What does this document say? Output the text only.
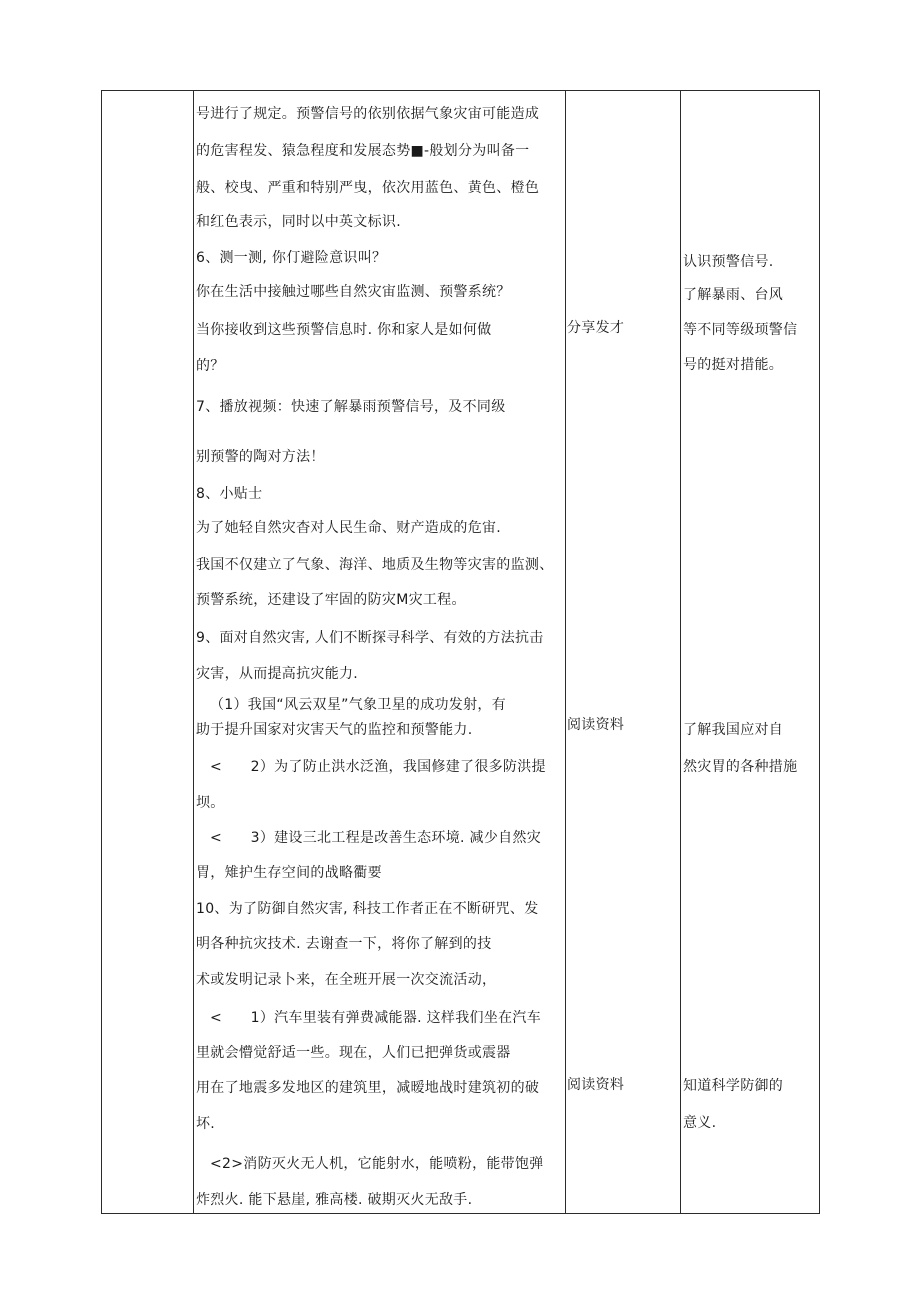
号进行了规定。预警信号的依别依据气象灾宙可能造成
的危害程发、猿急程度和发展态势■-般划分为叫备一
般、校曳、严重和特别严曳，依次用蓝色、黄色、橙色
和红色表示，同时以中英文标识.
6、测一测, 你仃避险意识叫？
你在生活中接触过哪些自然灾宙监测、预警系统？
当你接收到这些预警信息时. 你和家人是如何做
的？
7、播放视频：快速了解暴雨预警信号，及不同级
别预警的陶对方法！
8、小贴士
为了她轻自然灾杳对人民生命、财产造成的危宙.
我国不仅建立了气象、海洋、地质及生物等灾害的监测、
预警系统，还建设了牢固的防灾M灾工程。
9、面对自然灾害, 人们不断探寻科学、有效的方法抗击
灾害，从而提高抗灾能力.
（1）我国“风云双星”气象卫星的成功发射，有
助于提升国家对灾害天气的监控和预警能力.
<　　2）为了防止洪水泛渔，我国修建了很多防洪提
坝。
<　　3）建设三北工程是改善生态环境. 减少自然灾
胃，雉护生存空间的战略衢要
10、为了防御自然灾害, 科技工作者正在不断研咒、发
明各种抗灾技术. 去谢查一下，将你了解到的技
术或发明记录卜来，在全班开展一次交流活动，
<　　1）汽车里装有弹费减能器. 这样我们坐在汽车
里就会懵觉舒适一些。现在，人们已把弹货或震器
用在了地震多发地区的建筑里，减暧地战时建筑初的破
坏.
<2>消防灭火无人机，它能射水，能喷粉，能带饱弹
炸烈火. 能下悬崖, 雅高楼. 破期灭火无敌手.
分享发才
阅读资料
阅读资料
认识预警信号.
了解暴雨、台风
等不同等级顼警信
号的挺对措能。
了解我国应对自
然灾胃的各种措施
知道科学防御的
意义.
